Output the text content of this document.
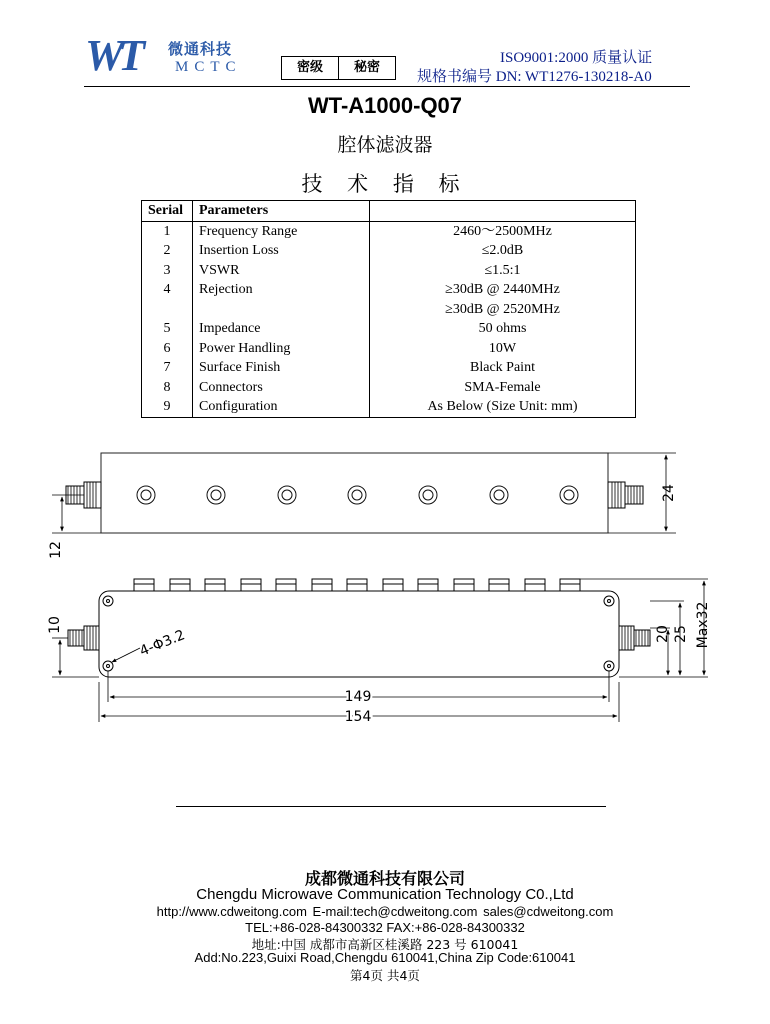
WT 微通科技
MCTC	密级	秘密
ISO9001:2000 质量认证
规格书编号 DN: WT1276-130218-A0
WT-A1000-Q07
腔体滤波器
技 术 指 标
Serial	Parameters	
1	Frequency Range	2460～2500MHz
2	Insertion Loss	≤2.0dB
3	VSWR	≤1.5:1
4	Rejection	≥30dB @ 2440MHz
		≥30dB @ 2520MHz
5	Impedance	50 ohms
6	Power Handling	10W
7	Surface Finish	Black Paint
8	Connectors	SMA-Female
9	Configuration	As Below (Size Unit: mm)
24
12
10
4-Φ3.2	20 25 Max32
149
154
成都微通科技有限公司
Chengdu Microwave Communication Technology C0.,Ltd
http://www.cdweitong.com E-mail:tech@cdweitong.com sales@cdweitong.com
TEL:+86-028-84300332 FAX:+86-028-84300332
地址:中国 成都市高新区桂溪路 223 号 610041
Add:No.223,Guixi Road,Chengdu 610041,China Zip Code:610041
第4页 共4页
